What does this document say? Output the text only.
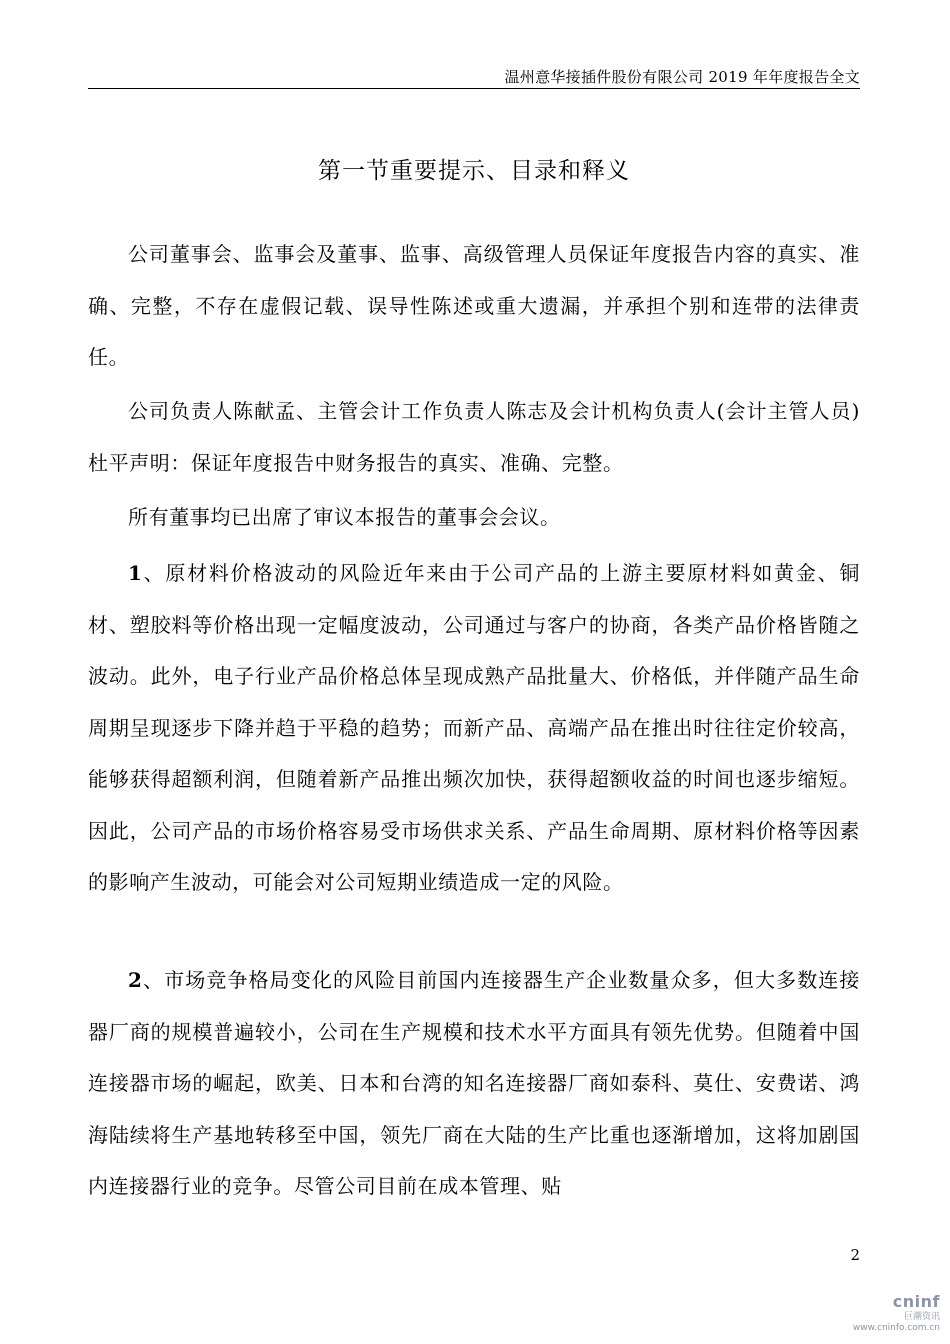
温州意华接插件股份有限公司 2019 年年度报告全文
第一节重要提示、目录和释义

公司董事会、监事会及董事、监事、高级管理人员保证年度报告内容的真实、准确、完整，不存在虚假记载、误导性陈述或重大遗漏，并承担个别和连带的法律责任。

公司负责人陈献孟、主管会计工作负责人陈志及会计机构负责人(会计主管人员)杜平声明：保证年度报告中财务报告的真实、准确、完整。

所有董事均已出席了审议本报告的董事会会议。

1、原材料价格波动的风险近年来由于公司产品的上游主要原材料如黄金、铜材、塑胶料等价格出现一定幅度波动，公司通过与客户的协商，各类产品价格皆随之波动。此外，电子行业产品价格总体呈现成熟产品批量大、价格低，并伴随产品生命周期呈现逐步下降并趋于平稳的趋势；而新产品、高端产品在推出时往往定价较高，能够获得超额利润，但随着新产品推出频次加快，获得超额收益的时间也逐步缩短。因此，公司产品的市场价格容易受市场供求关系、产品生命周期、原材料价格等因素的影响产生波动，可能会对公司短期业绩造成一定的风险。

2、市场竞争格局变化的风险目前国内连接器生产企业数量众多，但大多数连接器厂商的规模普遍较小，公司在生产规模和技术水平方面具有领先优势。但随着中国连接器市场的崛起，欧美、日本和台湾的知名连接器厂商如泰科、莫仕、安费诺、鸿海陆续将生产基地转移至中国，领先厂商在大陆的生产比重也逐渐增加，这将加剧国内连接器行业的竞争。尽管公司目前在成本管理、贴

2
cninf
巨潮资讯
www.cninfo.com.cn
